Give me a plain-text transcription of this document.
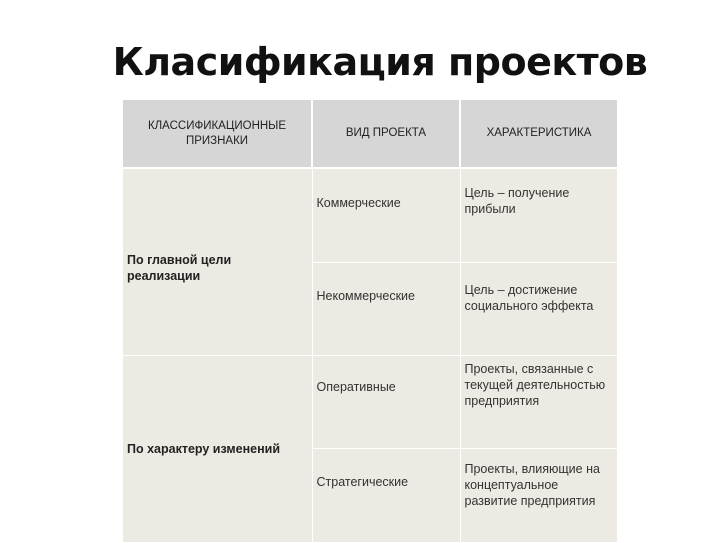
Класификация проектов
КЛАССИФИКАЦИОННЫЕ ПРИЗНАКИ	ВИД ПРОЕКТА	ХАРАКТЕРИСТИКА
По главной цели реализации	Коммерческие	Цель – получение прибыли
	Некоммерческие	Цель – достижение социального эффекта
По характеру изменений	Оперативные	Проекты, связанные с текущей деятельностью предприятия
	Стратегические	Проекты, влияющие на концептуальное развитие предприятия
